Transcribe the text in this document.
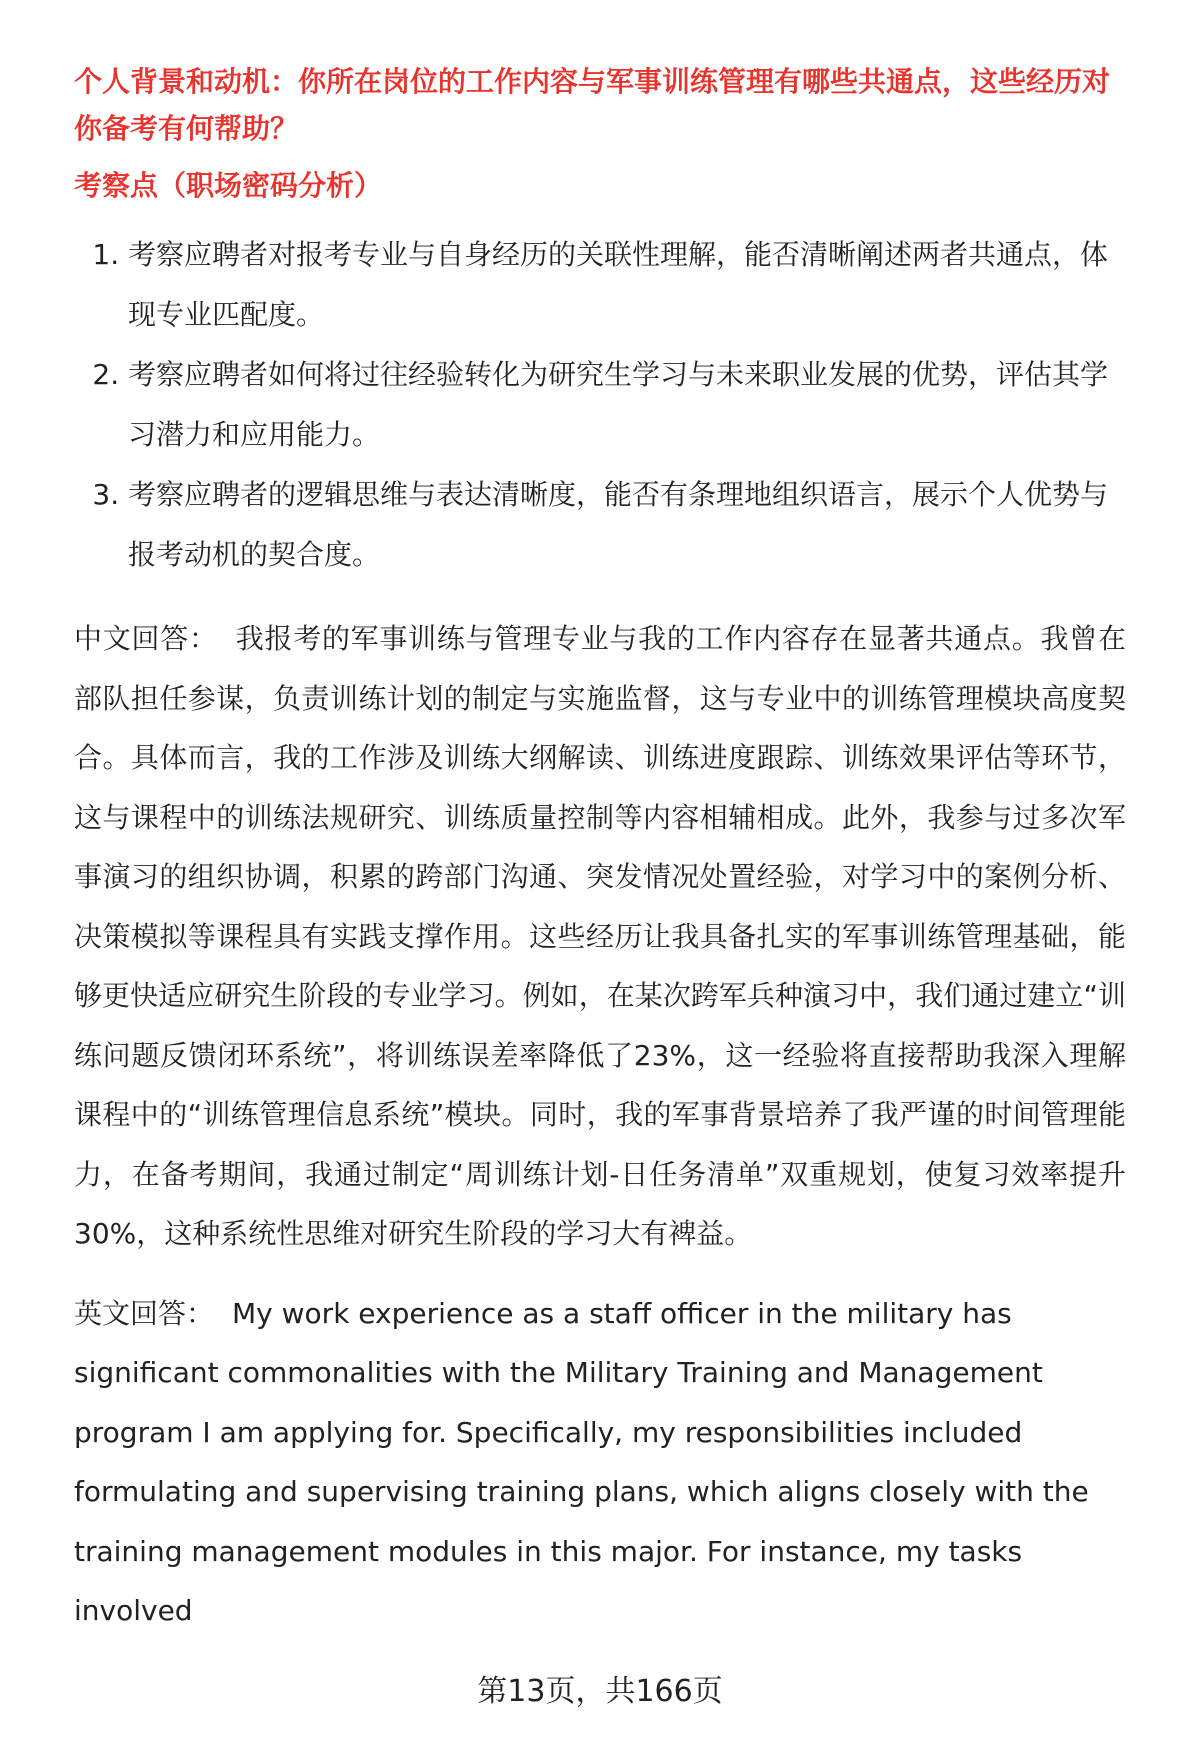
个人背景和动机：你所在岗位的工作内容与军事训练管理有哪些共通点，这些经历对你备考有何帮助？

考察点（职场密码分析）

1. 考察应聘者对报考专业与自身经历的关联性理解，能否清晰阐述两者共通点，体现专业匹配度。
2. 考察应聘者如何将过往经验转化为研究生学习与未来职业发展的优势，评估其学习潜力和应用能力。
3. 考察应聘者的逻辑思维与表达清晰度，能否有条理地组织语言，展示个人优势与报考动机的契合度。

中文回答： 我报考的军事训练与管理专业与我的工作内容存在显著共通点。我曾在部队担任参谋，负责训练计划的制定与实施监督，这与专业中的训练管理模块高度契合。具体而言，我的工作涉及训练大纲解读、训练进度跟踪、训练效果评估等环节，这与课程中的训练法规研究、训练质量控制等内容相辅相成。此外，我参与过多次军事演习的组织协调，积累的跨部门沟通、突发情况处置经验，对学习中的案例分析、决策模拟等课程具有实践支撑作用。这些经历让我具备扎实的军事训练管理基础，能够更快适应研究生阶段的专业学习。例如，在某次跨军兵种演习中，我们通过建立“训练问题反馈闭环系统”，将训练误差率降低了23%，这一经验将直接帮助我深入理解课程中的“训练管理信息系统”模块。同时，我的军事背景培养了我严谨的时间管理能力，在备考期间，我通过制定“周训练计划-日任务清单”双重规划，使复习效率提升30%，这种系统性思维对研究生阶段的学习大有裨益。

英文回答： My work experience as a staff officer in the military has significant commonalities with the Military Training and Management program I am applying for. Specifically, my responsibilities included formulating and supervising training plans, which aligns closely with the training management modules in this major. For instance, my tasks involved

第13页，共166页
